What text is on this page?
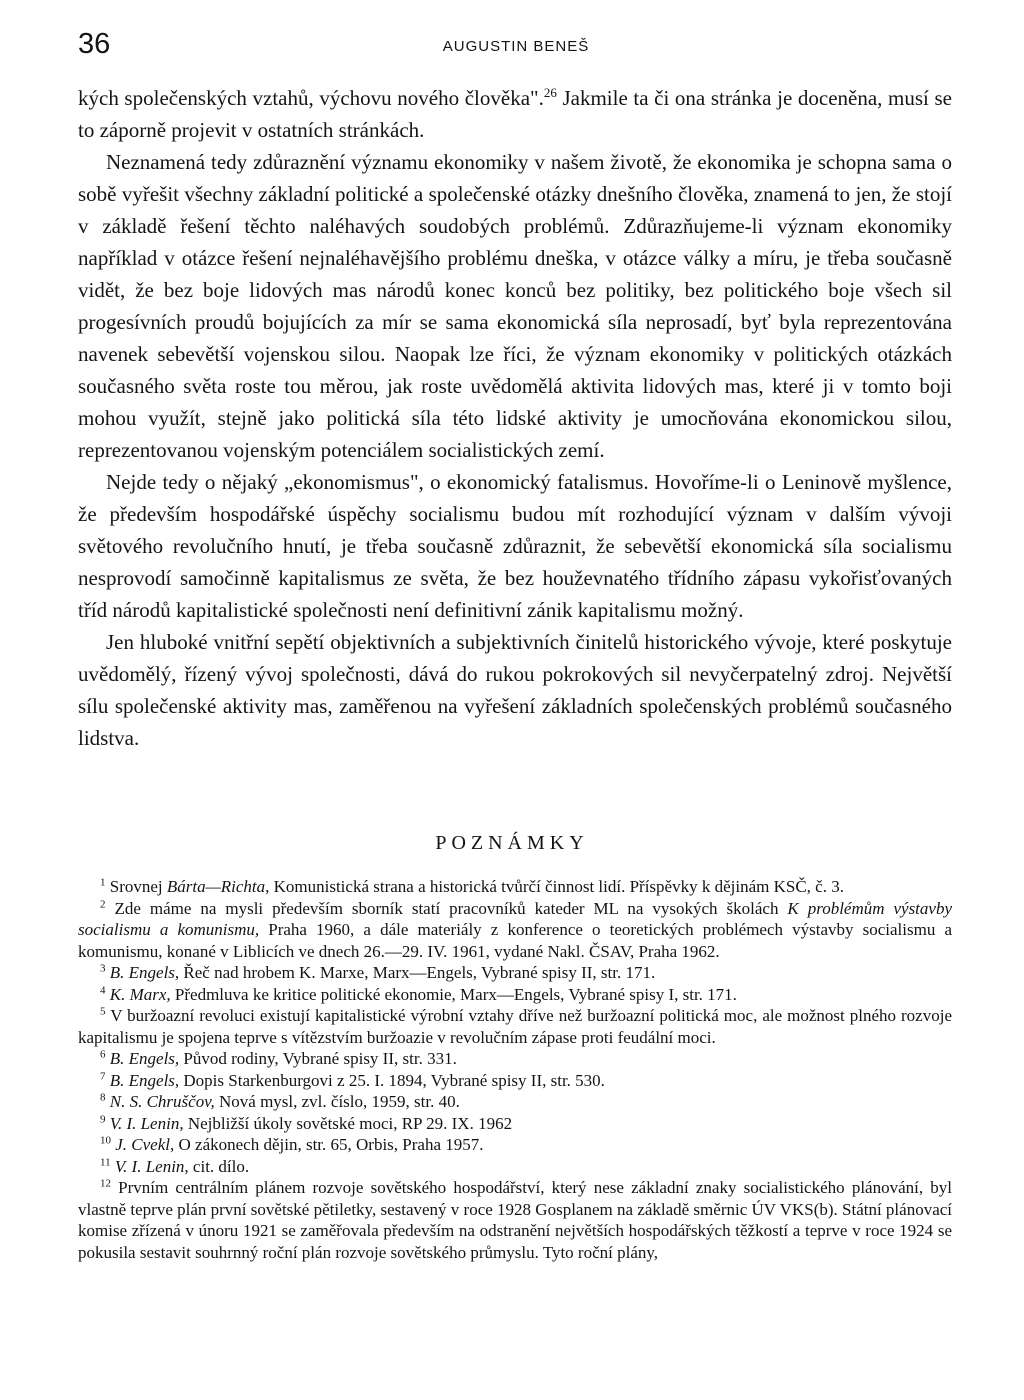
36	AUGUSTIN BENEŠ

kých společenských vztahů, výchovu nového člověka".$^{26}$ Jakmile ta či ona stránka je doceněna, musí se to záporně projevit v ostatních stránkách.

Neznamená tedy zdůraznění významu ekonomiky v našem životě, že ekonomika je schopna sama o sobě vyřešit všechny základní politické a společenské otázky dnešního člověka, znamená to jen, že stojí v základě řešení těchto naléhavých soudobých problémů. Zdůrazňujeme-li význam ekonomiky například v otázce řešení nejnaléhavějšího problému dneška, v otázce války a míru, je třeba současně vidět, že bez boje lidových mas národů konec konců bez politiky, bez politického boje všech sil progesívních proudů bojujících za mír se sama ekonomická síla neprosadí, byť byla reprezentována navenek sebevětší vojenskou silou. Naopak lze říci, že význam ekonomiky v politických otázkách současného světa roste tou měrou, jak roste uvědomělá aktivita lidových mas, které ji v tomto boji mohou využít, stejně jako politická síla této lidské aktivity je umocňována ekonomickou silou, reprezentovanou vojenským potenciálem socialistických zemí.

Nejde tedy o nějaký „ekonomismus", o ekonomický fatalismus. Hovoříme-li o Leninově myšlence, že především hospodářské úspěchy socialismu budou mít rozhodující význam v dalším vývoji světového revolučního hnutí, je třeba současně zdůraznit, že sebevětší ekonomická síla socialismu nesprovodí samočinně kapitalismus ze světa, že bez houževnatého třídního zápasu vykořisťovaných tříd národů kapitalistické společnosti není definitivní zánik kapitalismu možný.

Jen hluboké vnitřní sepětí objektivních a subjektivních činitelů historického vývoje, které poskytuje uvědomělý, řízený vývoj společnosti, dává do rukou pokrokových sil nevyčerpatelný zdroj. Největší sílu společenské aktivity mas, zaměřenou na vyřešení základních společenských problémů současného lidstva.

POZNÁMKY

$^1$ Srovnej Bárta—Richta, Komunistická strana a historická tvůrčí činnost lidí. Příspěvky k dějinám KSČ, č. 3.

$^2$ Zde máme na mysli především sborník statí pracovníků kateder ML na vysokých školách K problémům výstavby socialismu a komunismu, Praha 1960, a dále materiály z konference o teoretických problémech výstavby socialismu a komunismu, konané v Liblicích ve dnech 26.—29. IV. 1961, vydané Nakl. ČSAV, Praha 1962.

$^3$ B. Engels, Řeč nad hrobem K. Marxe, Marx—Engels, Vybrané spisy II, str. 171.

$^4$ K. Marx, Předmluva ke kritice politické ekonomie, Marx—Engels, Vybrané spisy I, str. 171.

$^5$ V buržoazní revoluci existují kapitalistické výrobní vztahy dříve než buržoazní politická moc, ale možnost plného rozvoje kapitalismu je spojena teprve s vítězstvím buržoazie v revolučním zápase proti feudální moci.

$^6$ B. Engels, Původ rodiny, Vybrané spisy II, str. 331.

$^7$ B. Engels, Dopis Starkenburgovi z 25. I. 1894, Vybrané spisy II, str. 530.

$^8$ N. S. Chruščov, Nová mysl, zvl. číslo, 1959, str. 40.

$^9$ V. I. Lenin, Nejbližší úkoly sovětské moci, RP 29. IX. 1962

$^{10}$ J. Cvekl, O zákonech dějin, str. 65, Orbis, Praha 1957.

$^{11}$ V. I. Lenin, cit. dílo.

$^{12}$ Prvním centrálním plánem rozvoje sovětského hospodářství, který nese základní znaky socialistického plánování, byl vlastně teprve plán první sovětské pětiletky, sestavený v roce 1928 Gosplanem na základě směrnic ÚV VKS(b). Státní plánovací komise zřízená v únoru 1921 se zaměřovala především na odstranění největších hospodářských těžkostí a teprve v roce 1924 se pokusila sestavit souhrnný roční plán rozvoje sovětského průmyslu. Tyto roční plány,
